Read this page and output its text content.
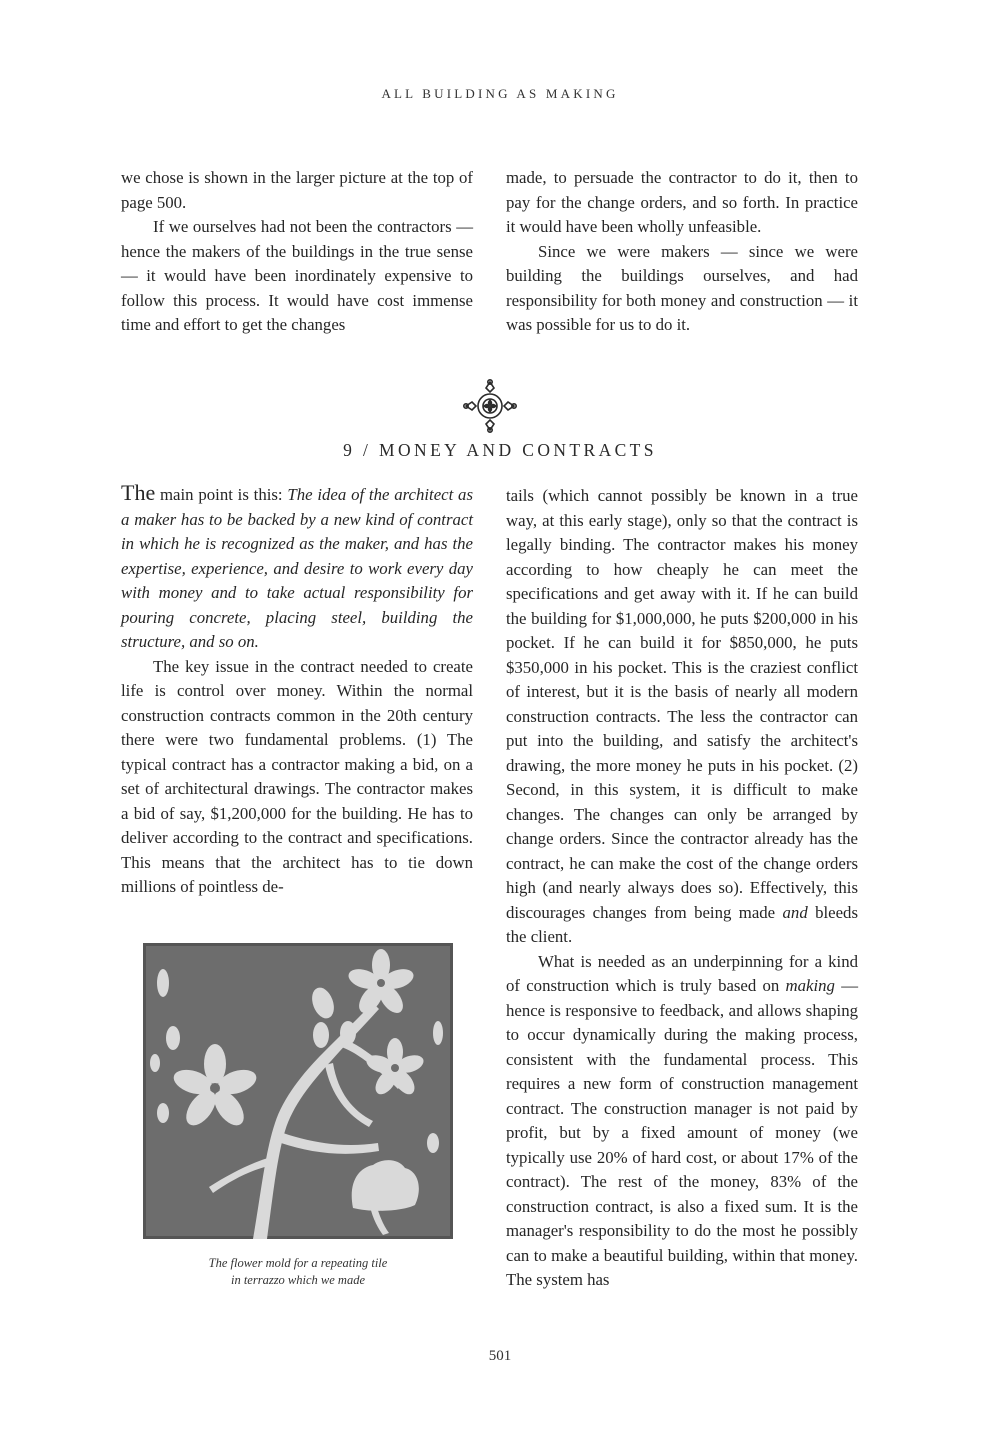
ALL BUILDING AS MAKING

we chose is shown in the larger picture at the top of page 500.

If we ourselves had not been the contractors — hence the makers of the buildings in the true sense — it would have been inordinately expensive to follow this process. It would have cost immense time and effort to get the changes

made, to persuade the contractor to do it, then to pay for the change orders, and so forth. In practice it would have been wholly unfeasible.

Since we were makers — since we were building the buildings ourselves, and had responsibility for both money and construction — it was possible for us to do it.

9 / MONEY AND CONTRACTS

The main point is this: The idea of the architect as a maker has to be backed by a new kind of contract in which he is recognized as the maker, and has the expertise, experience, and desire to work every day with money and to take actual responsibility for pouring concrete, placing steel, building the structure, and so on.

The key issue in the contract needed to create life is control over money. Within the normal construction contracts common in the 20th century there were two fundamental problems. (1) The typical contract has a contractor making a bid, on a set of architectural drawings. The contractor makes a bid of say, $1,200,000 for the building. He has to deliver according to the contract and specifications. This means that the architect has to tie down millions of pointless de-

tails (which cannot possibly be known in a true way, at this early stage), only so that the contract is legally binding. The contractor makes his money according to how cheaply he can meet the specifications and get away with it. If he can build the building for $1,000,000, he puts $200,000 in his pocket. If he can build it for $850,000, he puts $350,000 in his pocket. This is the craziest conflict of interest, but it is the basis of nearly all modern construction contracts. The less the contractor can put into the building, and satisfy the architect's drawing, the more money he puts in his pocket. (2) Second, in this system, it is difficult to make changes. The changes can only be arranged by change orders. Since the contractor already has the contract, he can make the cost of the change orders high (and nearly always does so). Effectively, this discourages changes from being made and bleeds the client.

What is needed as an underpinning for a kind of construction which is truly based on making — hence is responsive to feedback, and allows shaping to occur dynamically during the making process, consistent with the fundamental process. This requires a new form of construction management contract. The construction manager is not paid by profit, but by a fixed amount of money (we typically use 20% of hard cost, or about 17% of the contract). The rest of the money, 83% of the construction contract, is also a fixed sum. It is the manager's responsibility to do the most he possibly can to make a beautiful building, within that money. The system has

The flower mold for a repeating tile
in terrazzo which we made
501
